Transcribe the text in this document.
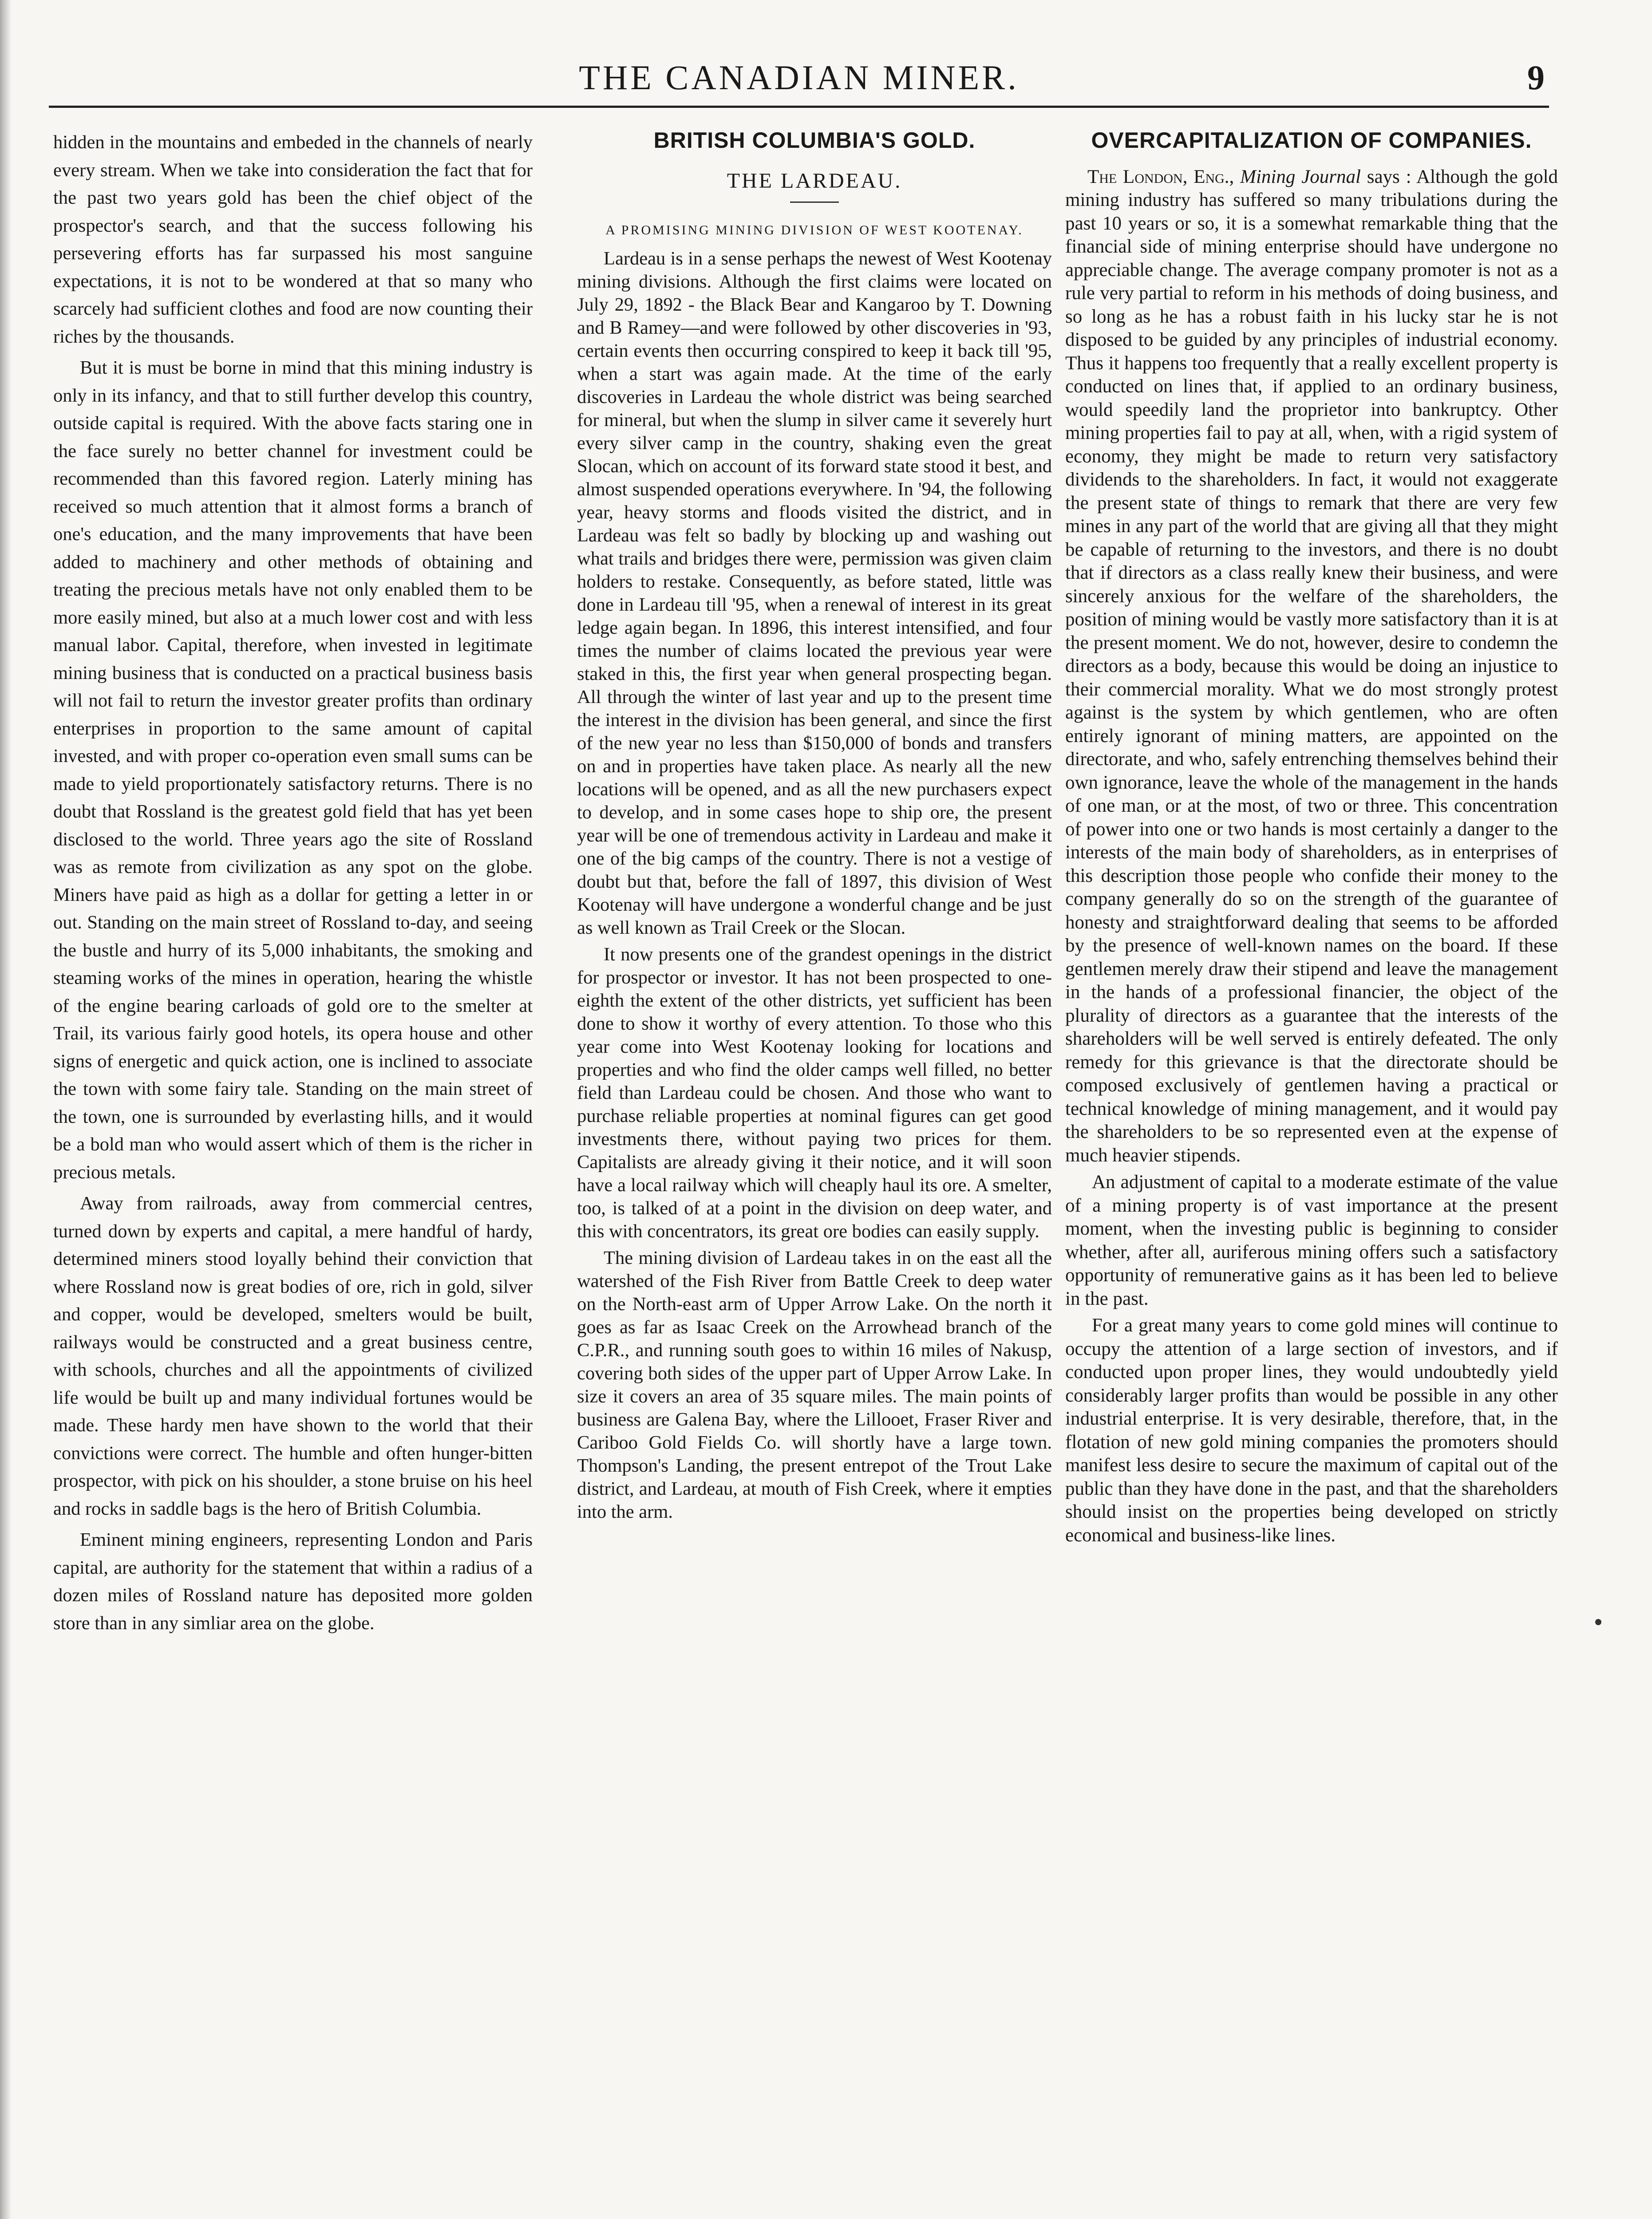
THE CANADIAN MINER.	9

hidden in the mountains and embeded in the channels of nearly every stream. When we take into consideration the fact that for the past two years gold has been the chief object of the prospector's search, and that the success following his persevering efforts has far surpassed his most sanguine expectations, it is not to be wondered at that so many who scarcely had sufficient clothes and food are now counting their riches by the thousands.

But it is must be borne in mind that this mining industry is only in its infancy, and that to still further develop this country, outside capital is required. With the above facts staring one in the face surely no better channel for investment could be recommended than this favored region. Laterly mining has received so much attention that it almost forms a branch of one's education, and the many improvements that have been added to machinery and other methods of obtaining and treating the precious metals have not only enabled them to be more easily mined, but also at a much lower cost and with less manual labor. Capital, therefore, when invested in legitimate mining business that is conducted on a practical business basis will not fail to return the investor greater profits than ordinary enterprises in proportion to the same amount of capital invested, and with proper co-operation even small sums can be made to yield proportionately satisfactory returns. There is no doubt that Rossland is the greatest gold field that has yet been disclosed to the world. Three years ago the site of Rossland was as remote from civilization as any spot on the globe. Miners have paid as high as a dollar for getting a letter in or out. Standing on the main street of Rossland to-day, and seeing the bustle and hurry of its 5,000 inhabitants, the smoking and steaming works of the mines in operation, hearing the whistle of the engine bearing carloads of gold ore to the smelter at Trail, its various fairly good hotels, its opera house and other signs of energetic and quick action, one is inclined to associate the town with some fairy tale. Standing on the main street of the town, one is surrounded by everlasting hills, and it would be a bold man who would assert which of them is the richer in precious metals.

Away from railroads, away from commercial centres, turned down by experts and capital, a mere handful of hardy, determined miners stood loyally behind their conviction that where Rossland now is great bodies of ore, rich in gold, silver and copper, would be developed, smelters would be built, railways would be constructed and a great business centre, with schools, churches and all the appointments of civilized life would be built up and many individual fortunes would be made. These hardy men have shown to the world that their convictions were correct. The humble and often hunger-bitten prospector, with pick on his shoulder, a stone bruise on his heel and rocks in saddle bags is the hero of British Columbia.

Eminent mining engineers, representing London and Paris capital, are authority for the statement that within a radius of a dozen miles of Rossland nature has deposited more golden store than in any simliar area on the globe.

BRITISH COLUMBIA'S GOLD.
THE LARDEAU.
A PROMISING MINING DIVISION OF WEST KOOTENAY.

Lardeau is in a sense perhaps the newest of West Kootenay mining divisions. Although the first claims were located on July 29, 1892 - the Black Bear and Kangaroo by T. Downing and B Ramey—and were followed by other discoveries in '93, certain events then occurring conspired to keep it back till '95, when a start was again made. At the time of the early discoveries in Lardeau the whole district was being searched for mineral, but when the slump in silver came it severely hurt every silver camp in the country, shaking even the great Slocan, which on account of its forward state stood it best, and almost suspended operations everywhere. In '94, the following year, heavy storms and floods visited the district, and in Lardeau was felt so badly by blocking up and washing out what trails and bridges there were, permission was given claim holders to restake. Consequently, as before stated, little was done in Lardeau till '95, when a renewal of interest in its great ledge again began. In 1896, this interest intensified, and four times the number of claims located the previous year were staked in this, the first year when general prospecting began. All through the winter of last year and up to the present time the interest in the division has been general, and since the first of the new year no less than $150,000 of bonds and transfers on and in properties have taken place. As nearly all the new locations will be opened, and as all the new purchasers expect to develop, and in some cases hope to ship ore, the present year will be one of tremendous activity in Lardeau and make it one of the big camps of the country. There is not a vestige of doubt but that, before the fall of 1897, this division of West Kootenay will have undergone a wonderful change and be just as well known as Trail Creek or the Slocan.

It now presents one of the grandest openings in the district for prospector or investor. It has not been prospected to one-eighth the extent of the other districts, yet sufficient has been done to show it worthy of every attention. To those who this year come into West Kootenay looking for locations and properties and who find the older camps well filled, no better field than Lardeau could be chosen. And those who want to purchase reliable properties at nominal figures can get good investments there, without paying two prices for them. Capitalists are already giving it their notice, and it will soon have a local railway which will cheaply haul its ore. A smelter, too, is talked of at a point in the division on deep water, and this with concentrators, its great ore bodies can easily supply.

The mining division of Lardeau takes in on the east all the watershed of the Fish River from Battle Creek to deep water on the North-east arm of Upper Arrow Lake. On the north it goes as far as Isaac Creek on the Arrowhead branch of the C.P.R., and running south goes to within 16 miles of Nakusp, covering both sides of the upper part of Upper Arrow Lake. In size it covers an area of 35 square miles. The main points of business are Galena Bay, where the Lillooet, Fraser River and Cariboo Gold Fields Co. will shortly have a large town. Thompson's Landing, the present entrepot of the Trout Lake district, and Lardeau, at mouth of Fish Creek, where it empties into the arm.

OVERCAPITALIZATION OF COMPANIES.

The London, Eng., Mining Journal says : Although the gold mining industry has suffered so many tribulations during the past 10 years or so, it is a somewhat remarkable thing that the financial side of mining enterprise should have undergone no appreciable change. The average company promoter is not as a rule very partial to reform in his methods of doing business, and so long as he has a robust faith in his lucky star he is not disposed to be guided by any principles of industrial economy. Thus it happens too frequently that a really excellent property is conducted on lines that, if applied to an ordinary business, would speedily land the proprietor into bankruptcy. Other mining properties fail to pay at all, when, with a rigid system of economy, they might be made to return very satisfactory dividends to the shareholders. In fact, it would not exaggerate the present state of things to remark that there are very few mines in any part of the world that are giving all that they might be capable of returning to the investors, and there is no doubt that if directors as a class really knew their business, and were sincerely anxious for the welfare of the shareholders, the position of mining would be vastly more satisfactory than it is at the present moment. We do not, however, desire to condemn the directors as a body, because this would be doing an injustice to their commercial morality. What we do most strongly protest against is the system by which gentlemen, who are often entirely ignorant of mining matters, are appointed on the directorate, and who, safely entrenching themselves behind their own ignorance, leave the whole of the management in the hands of one man, or at the most, of two or three. This concentration of power into one or two hands is most certainly a danger to the interests of the main body of shareholders, as in enterprises of this description those people who confide their money to the company generally do so on the strength of the guarantee of honesty and straightforward dealing that seems to be afforded by the presence of well-known names on the board. If these gentlemen merely draw their stipend and leave the management in the hands of a professional financier, the object of the plurality of directors as a guarantee that the interests of the shareholders will be well served is entirely defeated. The only remedy for this grievance is that the directorate should be composed exclusively of gentlemen having a practical or technical knowledge of mining management, and it would pay the shareholders to be so represented even at the expense of much heavier stipends.

An adjustment of capital to a moderate estimate of the value of a mining property is of vast importance at the present moment, when the investing public is beginning to consider whether, after all, auriferous mining offers such a satisfactory opportunity of remunerative gains as it has been led to believe in the past.

For a great many years to come gold mines will continue to occupy the attention of a large section of investors, and if conducted upon proper lines, they would undoubtedly yield considerably larger profits than would be possible in any other industrial enterprise. It is very desirable, therefore, that, in the flotation of new gold mining companies the promoters should manifest less desire to secure the maximum of capital out of the public than they have done in the past, and that the shareholders should insist on the properties being developed on strictly economical and business-like lines.
